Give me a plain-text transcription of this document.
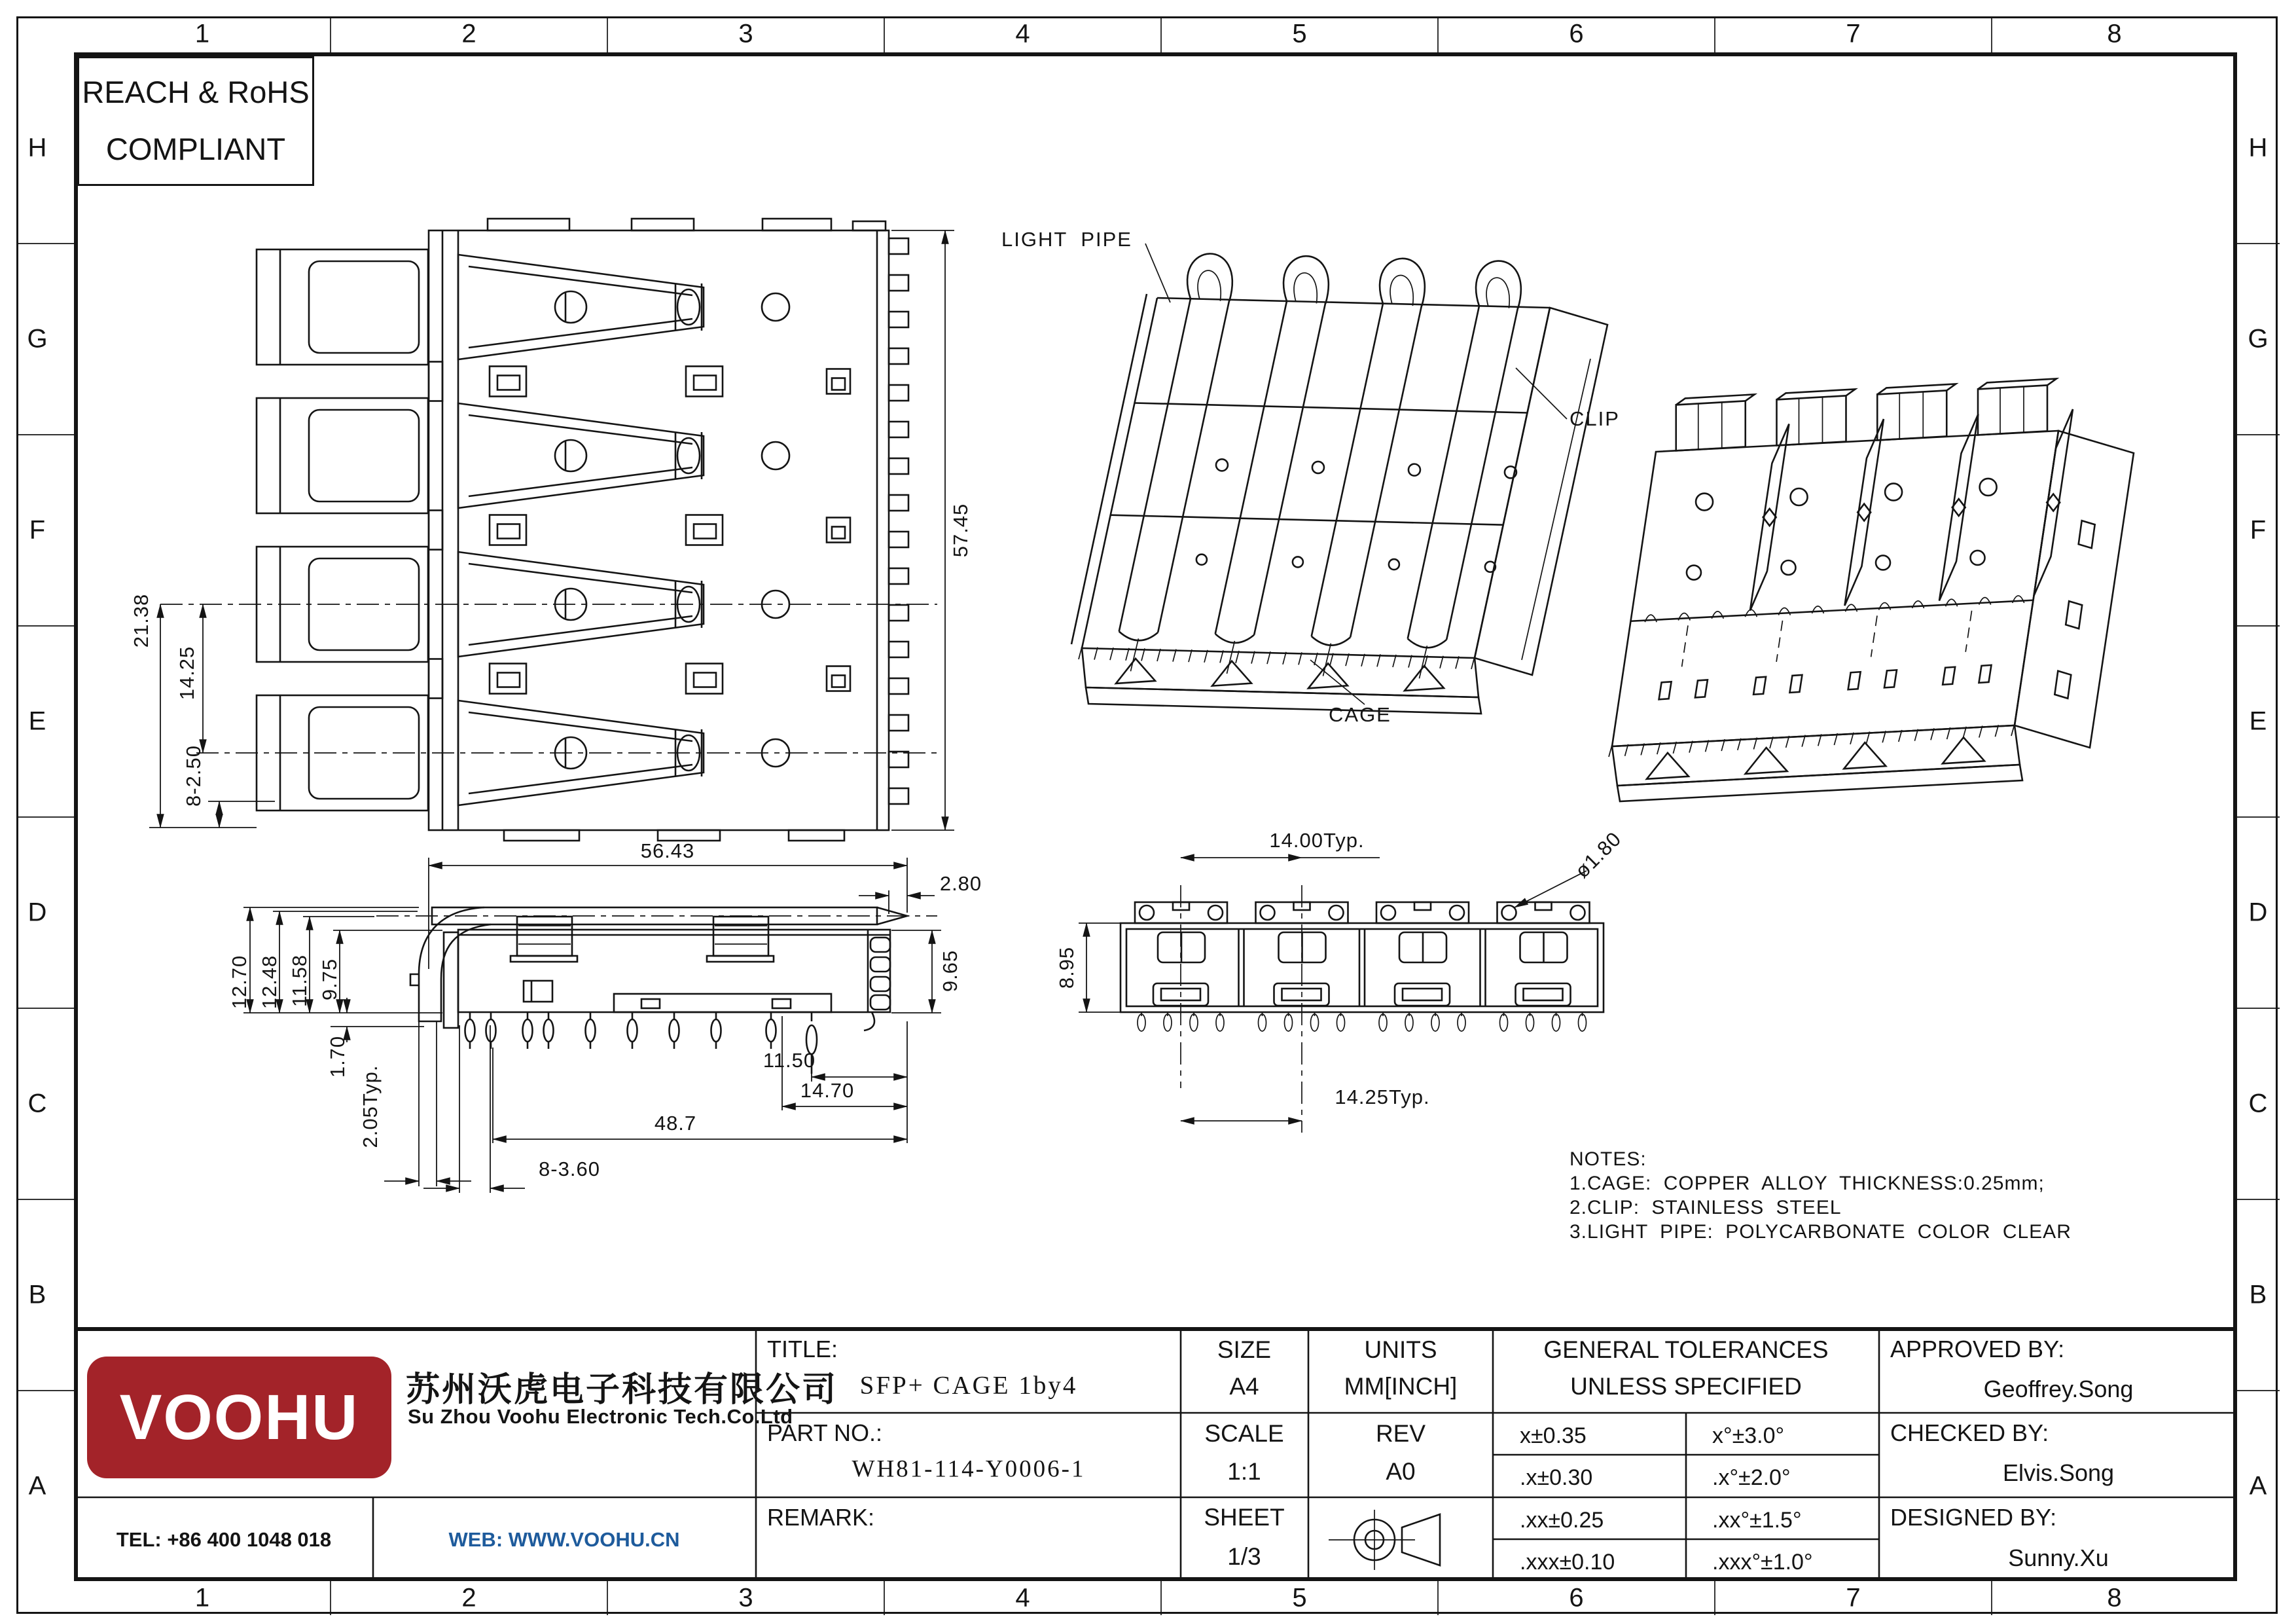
REACH & RoHS
COMPLIANT
LIGHT PIPE
CLIP
CAGE
57.45
21.38
14.25
8-2.50
56.43
2.80
12.70 12.48 11.58 9.75	9.65
1.70
2.05Typ.
11.50
14.70
48.7
8-3.60
14.00Typ.	ø1.80
8.95
14.25Typ.
NOTES:
1.CAGE: COPPER ALLOY THICKNESS:0.25mm;
2.CLIP: STAINLESS STEEL
3.LIGHT PIPE: POLYCARBONATE COLOR CLEAR
TITLE:
SFP+ CAGE 1by4
PART NO.:
WH81-114-Y0006-1
REMARK:
SIZE
A4
SCALE
1:1
SHEET
1/3
UNITS
MM[INCH]
REV
A0
GENERAL TOLERANCES
UNLESS SPECIFIED
APPROVED BY:
Geoffrey.Song
CHECKED BY:
Elvis.Song
DESIGNED BY:
Sunny.Xu
VOOHU 苏州沃虎电子科技有限公司
Su Zhou Voohu Electronic Tech.Co.Ltd
TEL: +86 400 1048 018	WEB: WWW.VOOHU.CN
1
1
2
2
3
3
4
4
5
5
6
6
7
7
8
8
H	H
G	G
F	F
E	E
D	D
C	C
B	B
A	A
x±0.35	x°±3.0°
.x±0.30	.x°±2.0°
.xx±0.25	.xx°±1.5°
.xxx±0.10	.xxx°±1.0°
